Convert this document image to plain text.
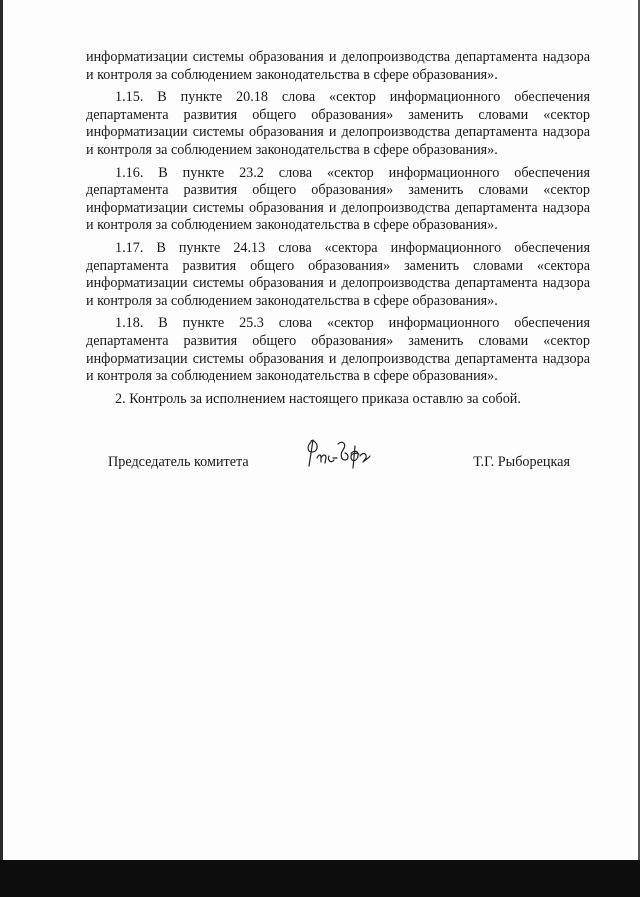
информатизации системы образования и делопроизводства департамента надзора и контроля за соблюдением законодательства в сфере образования».

1.15. В пункте 20.18 слова «сектор информационного обеспечения департамента развития общего образования» заменить словами «сектор информатизации системы образования и делопроизводства департамента надзора и контроля за соблюдением законодательства в сфере образования».

1.16. В пункте 23.2 слова «сектор информационного обеспечения департамента развития общего образования» заменить словами «сектор информатизации системы образования и делопроизводства департамента надзора и контроля за соблюдением законодательства в сфере образования».

1.17. В пункте 24.13 слова «сектора информационного обеспечения департамента развития общего образования» заменить словами «сектора информатизации системы образования и делопроизводства департамента надзора и контроля за соблюдением законодательства в сфере образования».

1.18. В пункте 25.3 слова «сектор информационного обеспечения департамента развития общего образования» заменить словами «сектор информатизации системы образования и делопроизводства департамента надзора и контроля за соблюдением законодательства в сфере образования».

2. Контроль за исполнением настоящего приказа оставлю за собой.

Председатель комитета	Т.Г. Рыборецкая
